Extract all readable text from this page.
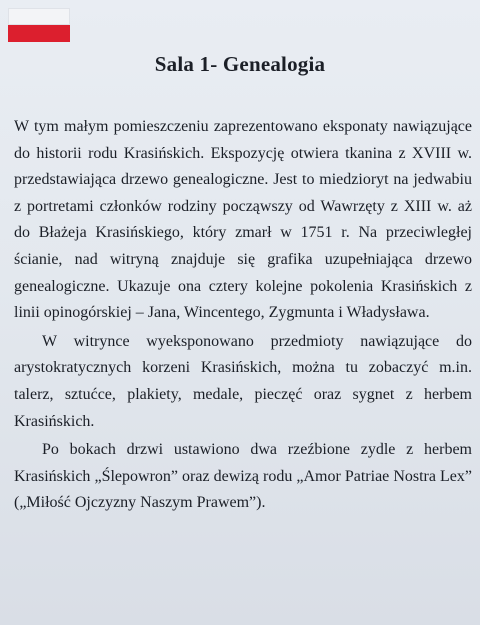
Sala 1- Genealogia

W tym małym pomieszczeniu zaprezentowano eksponaty nawiązujące do historii rodu Krasińskich. Ekspozycję otwiera tkanina z XVIII w. przedstawiająca drzewo genealogiczne. Jest to miedzioryt na jedwabiu z portretami członków rodziny począwszy od Wawrzęty z XIII w. aż do Błażeja Krasińskiego, który zmarł w 1751 r. Na przeciwległej ścianie, nad witryną znajduje się grafika uzupełniająca drzewo genealogiczne. Ukazuje ona cztery kolejne pokolenia Krasińskich z linii opinogórskiej – Jana, Wincentego, Zygmunta i Władysława.

W witrynce wyeksponowano przedmioty nawiązujące do arystokratycznych korzeni Krasińskich, można tu zobaczyć m.in. talerz, sztućce, plakiety, medale, pieczęć oraz sygnet z herbem Krasińskich.

Po bokach drzwi ustawiono dwa rzeźbione zydle z herbem Krasińskich „Ślepowron” oraz dewizą rodu „Amor Patriae Nostra Lex” („Miłość Ojczyzny Naszym Prawem”).
